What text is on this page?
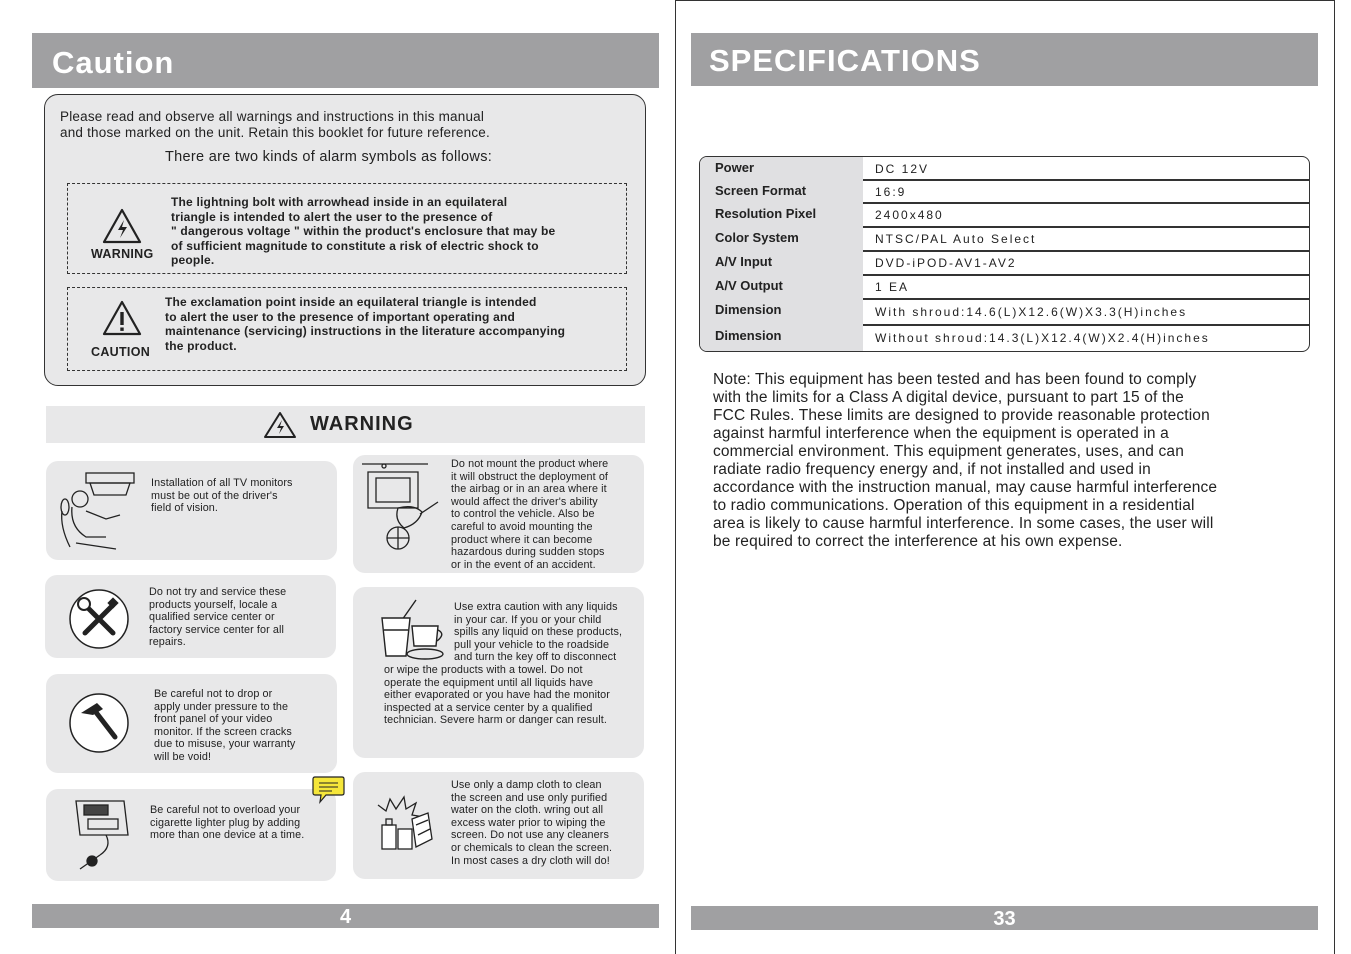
Caution
Please read and observe all warnings and instructions in this manual
and those marked on the unit. Retain this booklet for future reference.
There are two kinds of alarm symbols as follows:
WARNING
The lightning bolt with arrowhead inside in an equilateral
triangle is intended to alert the user to the presence of
" dangerous voltage " within the product's enclosure that may be
of sufficient magnitude to constitute a risk of electric shock to
people.
CAUTION
The exclamation point inside an equilateral triangle is intended
to alert the user to the presence of important operating and
maintenance (servicing) instructions in the literature accompanying
the product.
WARNING
Installation of all TV monitors
must be out of the driver's
field of vision.
Do not mount the product where
it will obstruct the deployment of
the airbag or in an area where it
would affect the driver's ability
to control the vehicle. Also be
careful to avoid mounting the
product where it can become
hazardous during sudden stops
or in the event of an accident.
Do not try and service these
products yourself, locale a
qualified service center or
factory service center for all
repairs.
Use extra caution with any liquids
in your car. If you or your child
spills any liquid on these products,
pull your vehicle to the roadside
and turn the key off to disconnect
or wipe the products with a towel. Do not
operate the equipment until all liquids have
either evaporated or you have had the monitor
inspected at a service center by a qualified
technician. Severe harm or danger can result.
Be careful not to drop or
apply under pressure to the
front panel of your video
monitor. If the screen cracks
due to misuse, your warranty
will be void!
Be careful not to overload your
cigarette lighter plug by adding
more than one device at a time.
Use only a damp cloth to clean
the screen and use only purified
water on the cloth. wring out all
excess water prior to wiping the
screen. Do not use any cleaners
or chemicals to clean the screen.
In most cases a dry cloth will do!
4
SPECIFICATIONS
Power	DC 12V
Screen Format	16:9
Resolution Pixel	2400x480
Color System	NTSC/PAL Auto Select
A/V Input	DVD-iPOD-AV1-AV2
A/V Output	1 EA
Dimension	With shroud:14.6(L)X12.6(W)X3.3(H)inches
Dimension	Without shroud:14.3(L)X12.4(W)X2.4(H)inches
Note: This equipment has been tested and has been found to comply
with the limits for a Class A digital device, pursuant to part 15 of the
FCC Rules. These limits are designed to provide reasonable protection
against harmful interference when the equipment is operated in a
commercial environment. This equipment generates, uses, and can
radiate radio frequency energy and, if not installed and used in
accordance with the instruction manual, may cause harmful interference
to radio communications. Operation of this equipment in a residential
area is likely to cause harmful interference. In some cases, the user will
be required to correct the interference at his own expense.
33
